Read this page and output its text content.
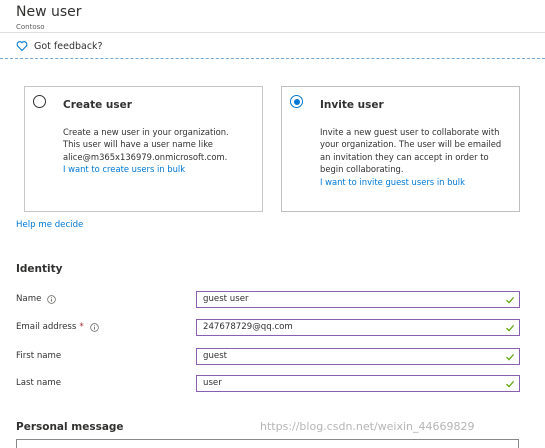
New user
Contoso
Got feedback?
Create user
Create a new user in your organization.
This user will have a user name like
alice@m365x136979.onmicrosoft.com.
I want to create users in bulk
Invite user
Invite a new guest user to collaborate with
your organization. The user will be emailed
an invitation they can accept in order to
begin collaborating.
I want to invite guest users in bulk
Help me decide
Identity
Name	guest user
Email address *	247678729@qq.com
First name	guest
Last name	user
Personal message	https://blog.csdn.net/weixin_44669829
